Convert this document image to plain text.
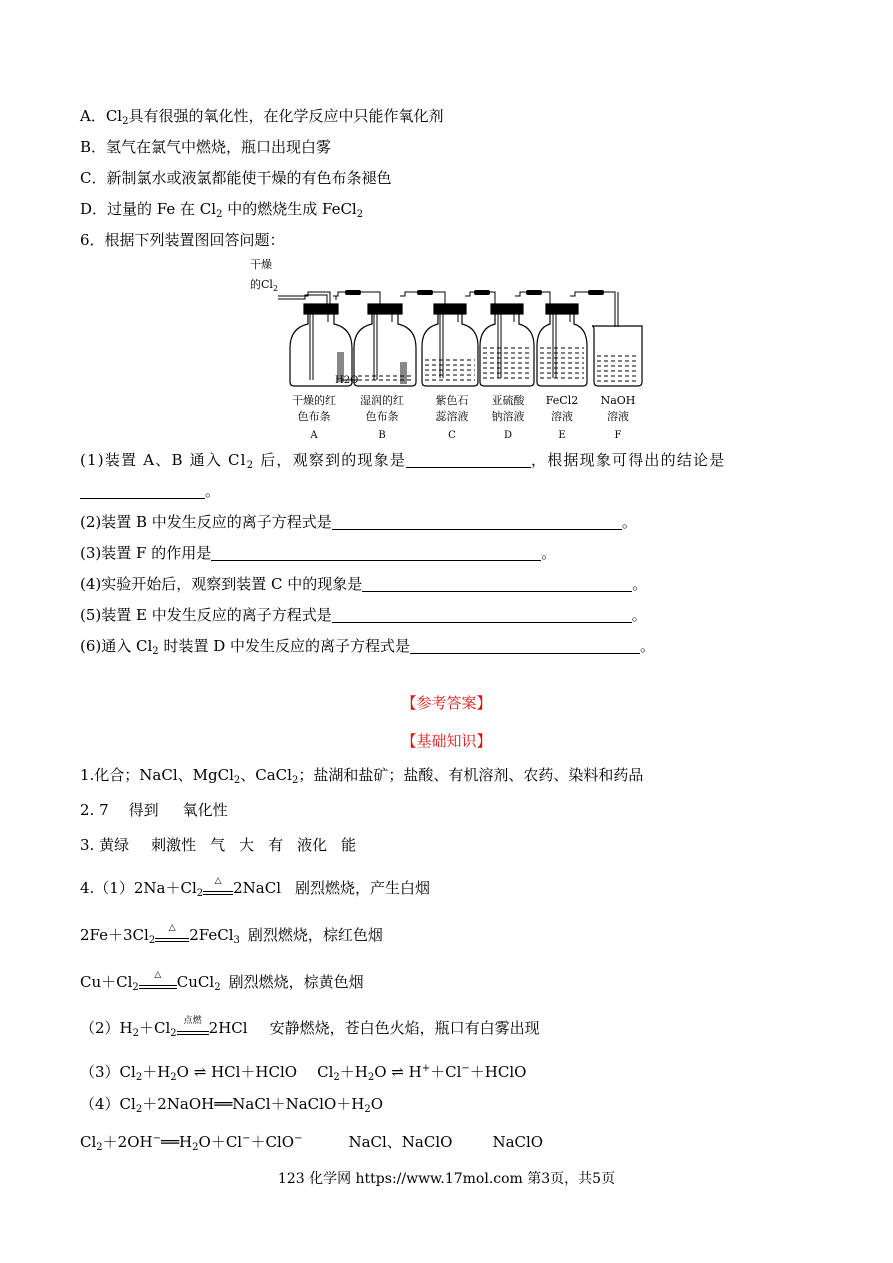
A．$Cl_2$具有很强的氧化性，在化学反应中只能作氧化剂
B．氢气在氯气中燃烧，瓶口出现白雾
C．新制氯水或液氯都能使干燥的有色布条褪色
D．过量的 Fe 在 $Cl_2$ 中的燃烧生成 FeCl$_2$
6．根据下列装置图回答问题：
干燥
的$Cl_2$
H2O
干燥的红
色布条
A
湿润的红
色布条
B
紫色石
蕊溶液
C
亚硫酸
钠溶液
D
FeCl2
溶液
E
NaOH
溶液
F
(1)装置 A、B 通入 $Cl_2$ 后，观察到的现象是	，根据现象可得出的结论是
。
(2)装置 B 中发生反应的离子方程式是	。
(3)装置 F 的作用是	。
(4)实验开始后，观察到装置 C 中的现象是	。
(5)装置 E 中发生反应的离子方程式是	。
(6)通入 $Cl_2$ 时装置 D 中发生反应的离子方程式是	。
【参考答案】
【基础知识】
1.化合；NaCl、MgCl$_2$、CaCl$_2$；盐湖和盐矿；盐酸、有机溶剂、农药、染料和药品
2. 7 得到 氧化性
3. 黄绿 刺激性 气 大 有 液化 能
$4.(1)2Na+Cl_2$
△ 2NaCl 剧烈燃烧，产生白烟
$2Fe+3Cl_2$
△ 2FeCl$_3$ 剧烈燃烧，棕红色烟
$Cu+Cl_2$
△	CuCl$_2$ 剧烈燃烧，棕黄色烟
$(2)H_2+Cl_2$
点燃 2HCl 安静燃烧，苍白色火焰，瓶口有白雾出现
$(3)Cl_2+H_2O$ ⇌ HCl＋HClO $Cl_2+H_2O$ ⇌ H+＋Cl−＋HClO
$(4)Cl_2+2NaOH══NaCl+NaClO+H_2O$
$Cl_2+2OH^-══H_2O+Cl^-+ClO^-$	NaCl、NaClO	NaClO
123 化学网 https://www.17mol.com 第3页，共5页
